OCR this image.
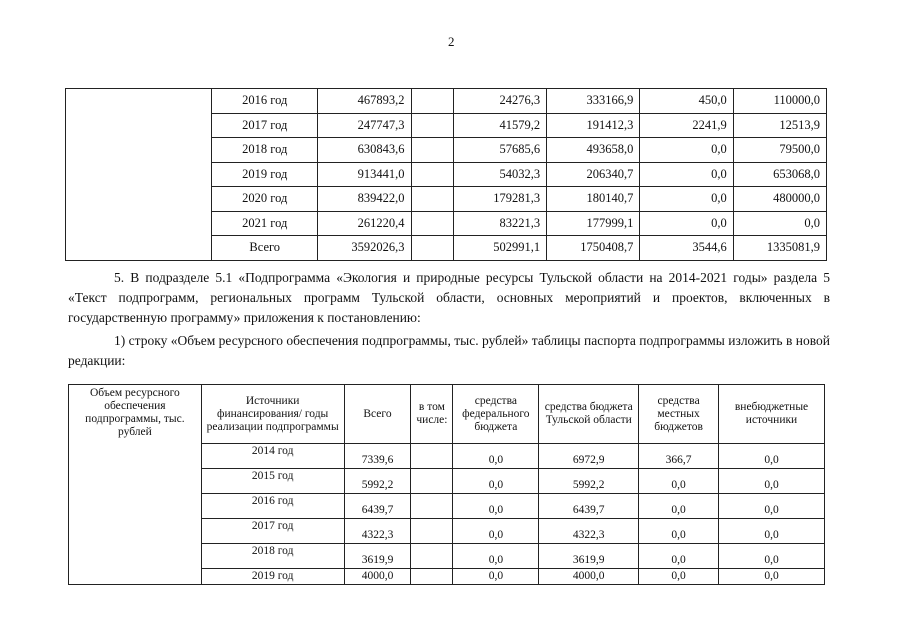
2
	2016 год	467893,2		24276,3	333166,9	450,0	110000,0
	2017 год	247747,3		41579,2	191412,3	2241,9	12513,9
	2018 год	630843,6		57685,6	493658,0	0,0	79500,0
	2019 год	913441,0		54032,3	206340,7	0,0	653068,0
	2020 год	839422,0		179281,3	180140,7	0,0	480000,0
	2021 год	261220,4		83221,3	177999,1	0,0	0,0
	Всего	3592026,3		502991,1	1750408,7	3544,6	1335081,9
5. В подразделе 5.1 «Подпрограмма «Экология и природные ресурсы Тульской области на 2014-2021 годы» раздела 5 «Текст подпрограмм, региональных программ Тульской области, основных мероприятий и проектов, включенных в государственную программу» приложения к постановлению:
1) строку «Объем ресурсного обеспечения подпрограммы, тыс. рублей» таблицы паспорта подпрограммы изложить в новой редакции:
Объем ресурсного обеспечения подпрограммы, тыс. рублей	Источники финансирования/ годы реализации подпрограммы	Всего	в том числе:	средства федерального бюджета	средства бюджета Тульской области	средства местных бюджетов	внебюджетные источники
	2014 год	7339,6		0,0	6972,9	366,7	0,0
	2015 год	5992,2		0,0	5992,2	0,0	0,0
	2016 год	6439,7		0,0	6439,7	0,0	0,0
	2017 год	4322,3		0,0	4322,3	0,0	0,0
	2018 год	3619,9		0,0	3619,9	0,0	0,0
	2019 год	4000,0		0,0	4000,0	0,0	0,0
